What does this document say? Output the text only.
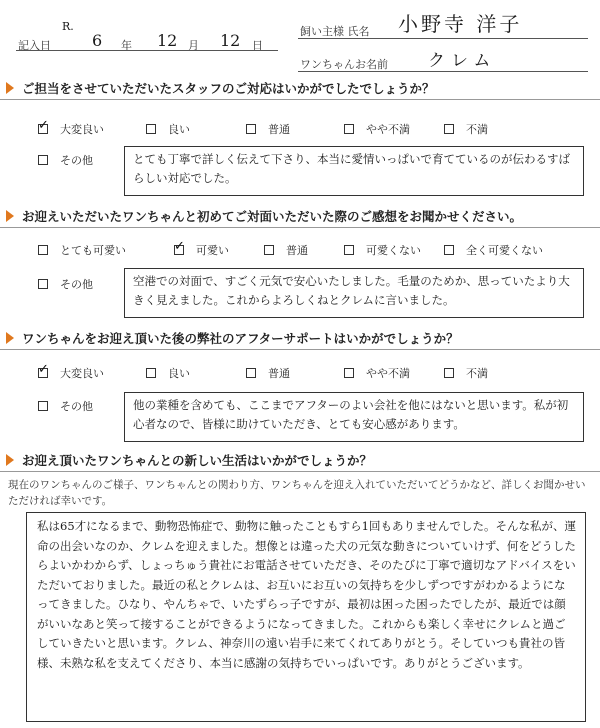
記入日
R.
6 年 12 月 12 日
飼い主様 氏名 小野寺 洋子
ワンちゃんお名前 クレム
ご担当をさせていただいたスタッフのご対応はいかがでしたでしょうか？
✓大変良い	良い	普通	やや不満	不満
その他	とても丁寧で詳しく伝えて下さり、本当に愛情いっぱいで育てているのが伝わるすばらしい対応でした。
お迎えいただいたワンちゃんと初めてご対面いただいた際のご感想をお聞かせください。
とても可愛い
✓	可愛い	普通	可愛くない	全く可愛くない
その他	空港での対面で、すごく元気で安心いたしました。毛量のためか、思っていたより大きく見えました。これからよろしくねとクレムに言いました。
ワンちゃんをお迎え頂いた後の弊社のアフターサポートはいかがでしょうか？
✓大変良い	良い	普通	やや不満	不満
その他	他の業種を含めても、ここまでアフターのよい会社を他にはないと思います。私が初心者なので、皆様に助けていただき、とても安心感があります。
お迎え頂いたワンちゃんとの新しい生活はいかがでしょうか？
現在のワンちゃんのご様子、ワンちゃんとの関わり方、ワンちゃんを迎え入れていただいてどうかなど、詳しくお聞かせいただければ幸いです。
私は65才になるまで、動物恐怖症で、動物に触ったこともすら1回もありませんでした。そんな私が、運命の出会いなのか、クレムを迎えました。想像とは違った犬の元気な動きについていけず、何をどうしたらよいかわからず、しょっちゅう貴社にお電話させていただき、そのたびに丁寧で適切なアドバイスをいただいておりました。最近の私とクレムは、お互いにお互いの気持ちを少しずつですがわかるようになってきました。ひなり、やんちゃで、いたずらっ子ですが、最初は困った困ったでしたが、最近では顔がいいなあと笑って接することができるようになってきました。これからも楽しく幸せにクレムと過ごしていきたいと思います。クレム、神奈川の遠い岩手に来てくれてありがとう。そしていつも貴社の皆様、未熟な私を支えてくださり、本当に感謝の気持ちでいっぱいです。ありがとうございます。
